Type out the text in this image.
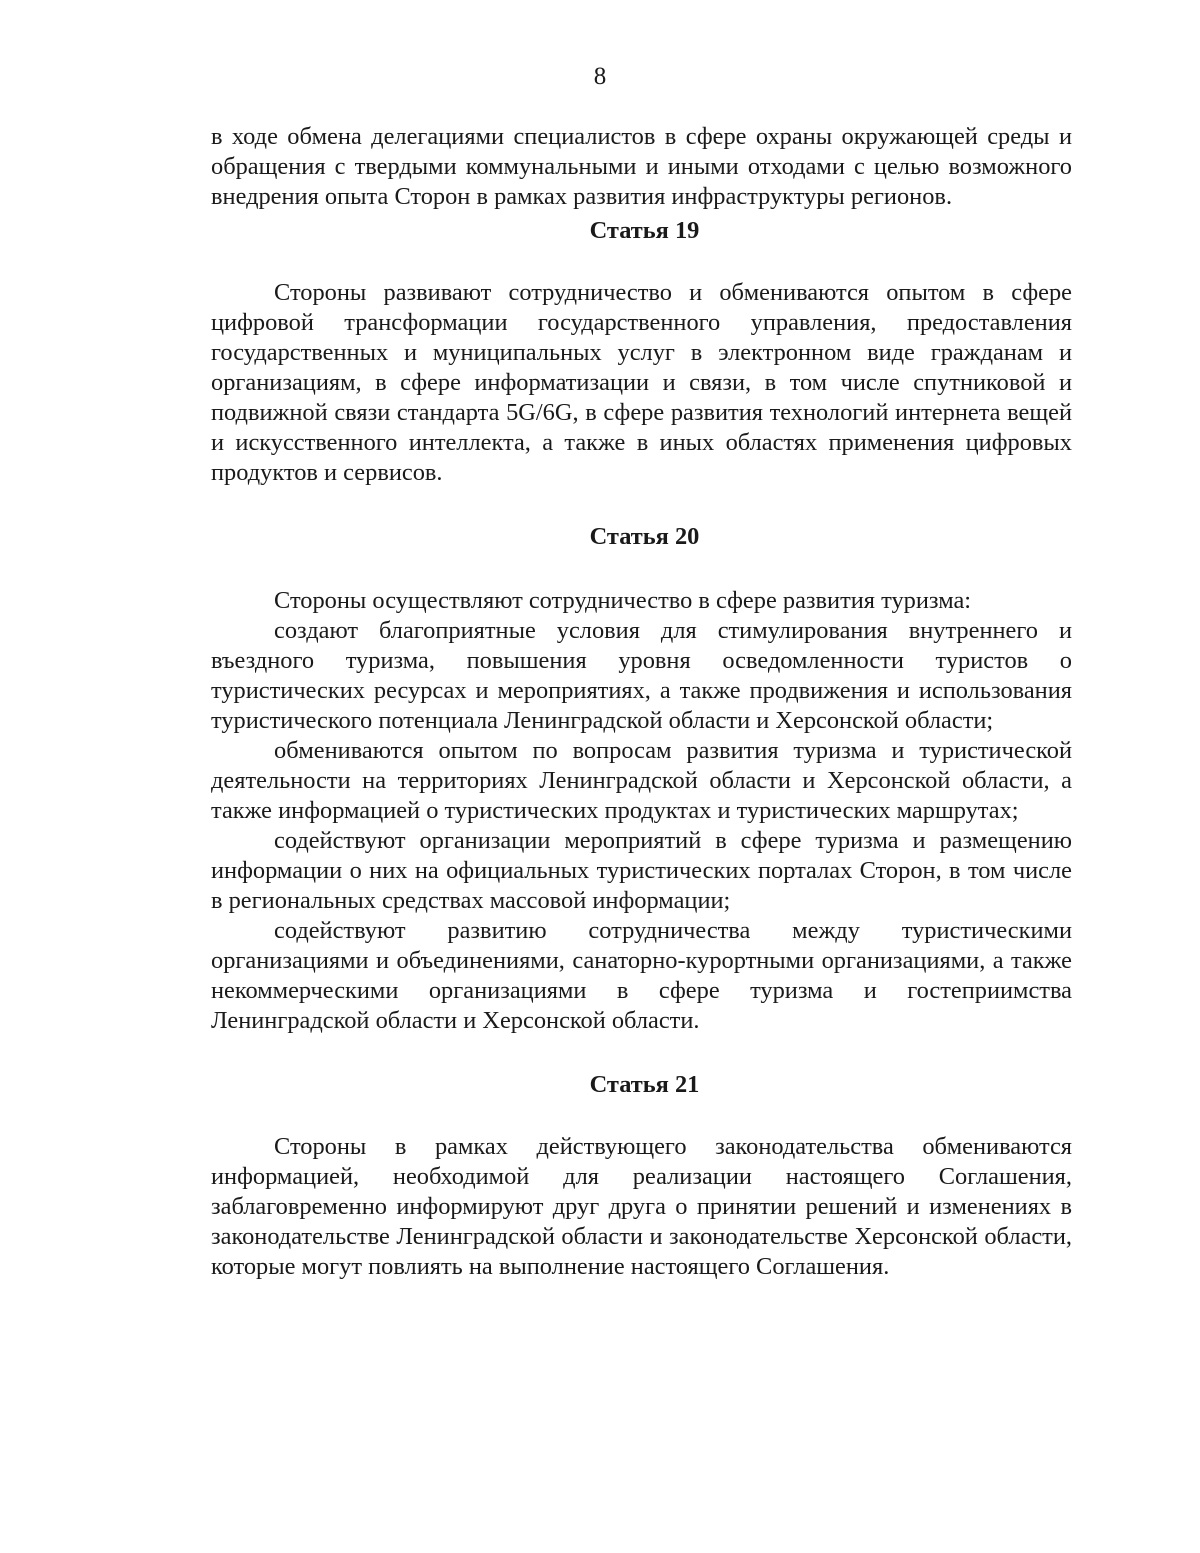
8

в ходе обмена делегациями специалистов в сфере охраны окружающей среды и обращения с твердыми коммунальными и иными отходами с целью возможного внедрения опыта Сторон в рамках развития инфраструктуры регионов.

Статья 19

Стороны развивают сотрудничество и обмениваются опытом в сфере цифровой трансформации государственного управления, предоставления государственных и муниципальных услуг в электронном виде гражданам и организациям, в сфере информатизации и связи, в том числе спутниковой и подвижной связи стандарта 5G/6G, в сфере развития технологий интернета вещей и искусственного интеллекта, а также в иных областях применения цифровых продуктов и сервисов.

Статья 20

Стороны осуществляют сотрудничество в сфере развития туризма:

создают благоприятные условия для стимулирования внутреннего и въездного туризма, повышения уровня осведомленности туристов о туристических ресурсах и мероприятиях, а также продвижения и использования туристического потенциала Ленинградской области и Херсонской области;

обмениваются опытом по вопросам развития туризма и туристической деятельности на территориях Ленинградской области и Херсонской области, а также информацией о туристических продуктах и туристических маршрутах;

содействуют организации мероприятий в сфере туризма и размещению информации о них на официальных туристических порталах Сторон, в том числе в региональных средствах массовой информации;

содействуют развитию сотрудничества между туристическими организациями и объединениями, санаторно-курортными организациями, а также некоммерческими организациями в сфере туризма и гостеприимства Ленинградской области и Херсонской области.

Статья 21

Стороны в рамках действующего законодательства обмениваются информацией, необходимой для реализации настоящего Соглашения, заблаговременно информируют друг друга о принятии решений и изменениях в законодательстве Ленинградской области и законодательстве Херсонской области, которые могут повлиять на выполнение настоящего Соглашения.
